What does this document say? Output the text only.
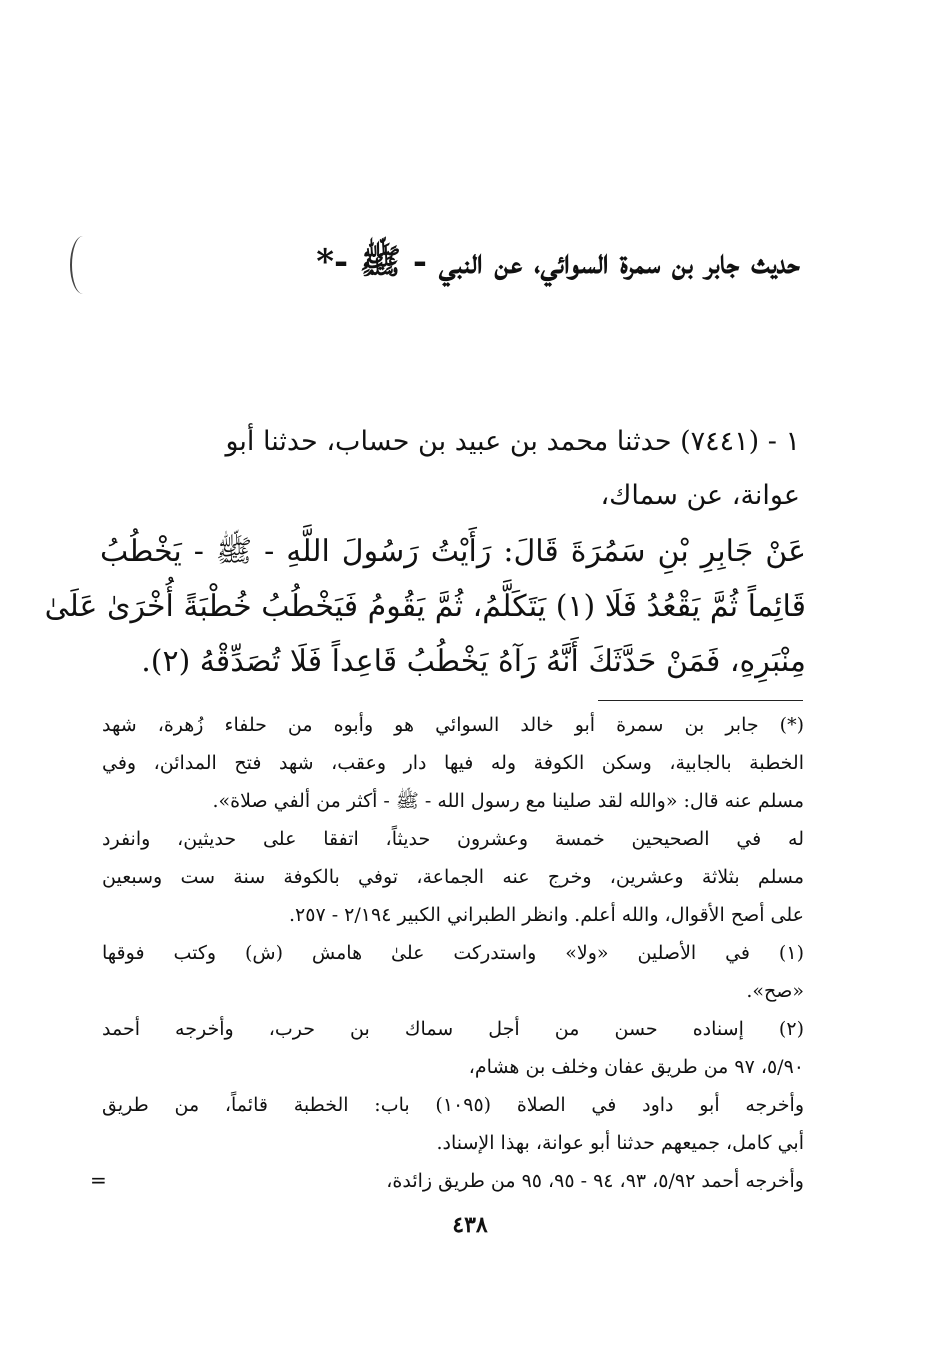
حديث جابر بن سمرة السوائي، عن النبي - ﷺ -*
١ - (٧٤٤١) حدثنا محمد بن عبيد بن حساب، حدثنا أبو
عوانة، عن سماك،
عَنْ جَابِرِ بْنِ سَمُرَةَ قَالَ: رَأَيْتُ رَسُولَ اللَّهِ - ﷺ - يَخْطُبُ
قَائِماً ثُمَّ يَقْعُدُ فَلَا (١) يَتَكَلَّمُ، ثُمَّ يَقُومُ فَيَخْطُبُ خُطْبَةً أُخْرَىٰ عَلَىٰ
مِنْبَرِهِ، فَمَنْ حَدَّثَكَ أَنَّهُ رَآهُ يَخْطُبُ قَاعِداً فَلَا تُصَدِّقْهُ (٢).
(*) جابر بن سمرة أبو خالد السوائي هو وأبوه من حلفاء زُهرة، شهد
الخطبة بالجابية، وسكن الكوفة وله فيها دار وعقب، شهد فتح المدائن، وفي
مسلم عنه قال: «والله لقد صلينا مع رسول الله - ﷺ - أكثر من ألفي صلاة».
له في الصحيحين خمسة وعشرون حديثاً، اتفقا على حديثين، وانفرد
مسلم بثلاثة وعشرين، وخرج عنه الجماعة، توفي بالكوفة سنة ست وسبعين
على أصح الأقوال، والله أعلم. وانظر الطبراني الكبير ٢/١٩٤ - ٢٥٧.
(١) في الأصلين «ولا» واستدركت علىٰ هامش (ش) وكتب فوقها
«صح».
(٢) إسناده حسن من أجل سماك بن حرب، وأخرجه أحمد
٥/٩٠، ٩٧ من طريق عفان وخلف بن هشام،
وأخرجه أبو داود في الصلاة (١٠٩٥) باب: الخطبة قائماً، من طريق
أبي كامل، جميعهم حدثنا أبو عوانة، بهذا الإسناد.
وأخرجه أحمد ٥/٩٢، ٩٣، ٩٤ - ٩٥، ٩٥ من طريق زائدة،
=
٤٣٨
